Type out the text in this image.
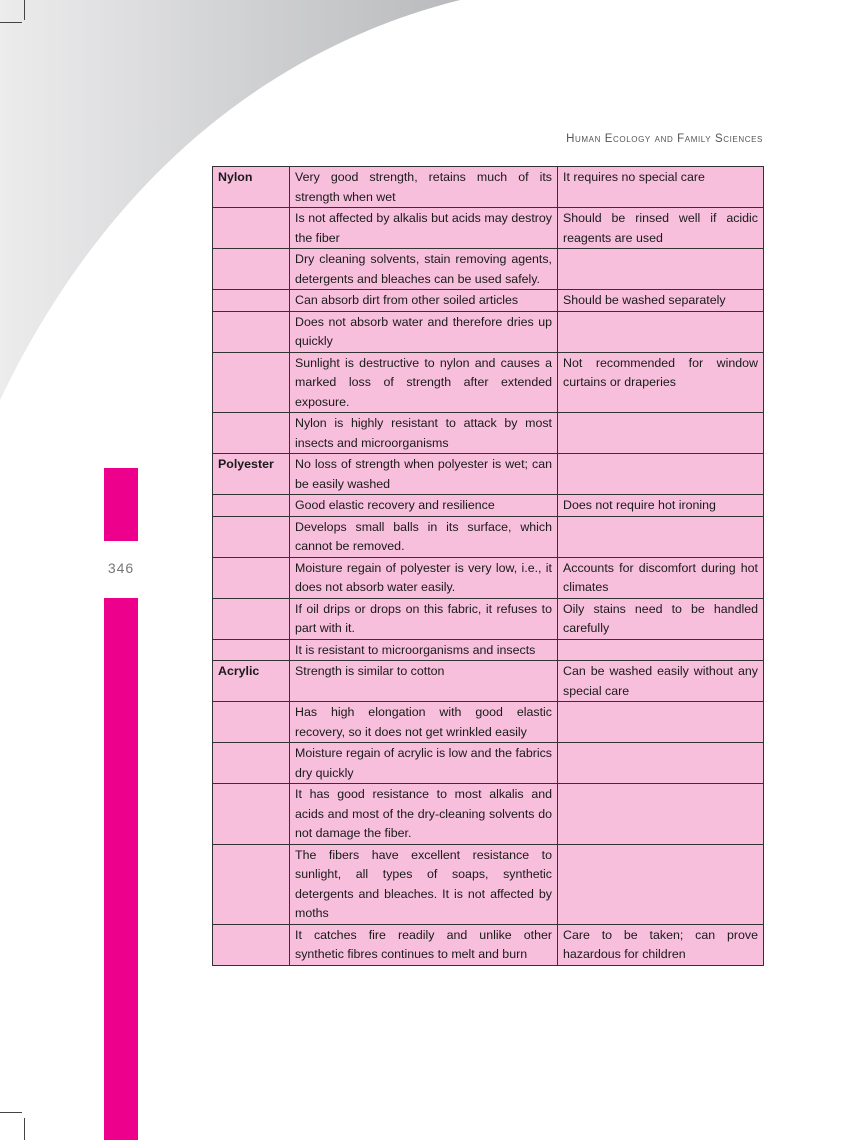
Human Ecology and Family Sciences
346
Nylon	Very good strength, retains much of its strength when wet	It requires no special care
	Is not affected by alkalis but acids may destroy the fiber	Should be rinsed well if acidic reagents are used
	Dry cleaning solvents, stain removing agents, detergents and bleaches can be used safely.	
	Can absorb dirt from other soiled articles	Should be washed separately
	Does not absorb water and therefore dries up quickly	
	Sunlight is destructive to nylon and causes a marked loss of strength after extended exposure.	Not recommended for window curtains or draperies
	Nylon is highly resistant to attack by most insects and microorganisms	
Polyester	No loss of strength when polyester is wet; can be easily washed	
	Good elastic recovery and resilience	Does not require hot ironing
	Develops small balls in its surface, which cannot be removed.	
	Moisture regain of polyester is very low, i.e., it does not absorb water easily.	Accounts for discomfort during hot climates
	If oil drips or drops on this fabric, it refuses to part with it.	Oily stains need to be handled carefully
	It is resistant to microorganisms and insects	
Acrylic	Strength is similar to cotton	Can be washed easily without any special care
	Has high elongation with good elastic recovery, so it does not get wrinkled easily	
	Moisture regain of acrylic is low and the fabrics dry quickly	
	It has good resistance to most alkalis and acids and most of the dry-cleaning solvents do not damage the fiber.	
	The fibers have excellent resistance to sunlight, all types of soaps, synthetic detergents and bleaches. It is not affected by moths	
	It catches fire readily and unlike other synthetic fibres continues to melt and burn	Care to be taken; can prove hazardous for children
